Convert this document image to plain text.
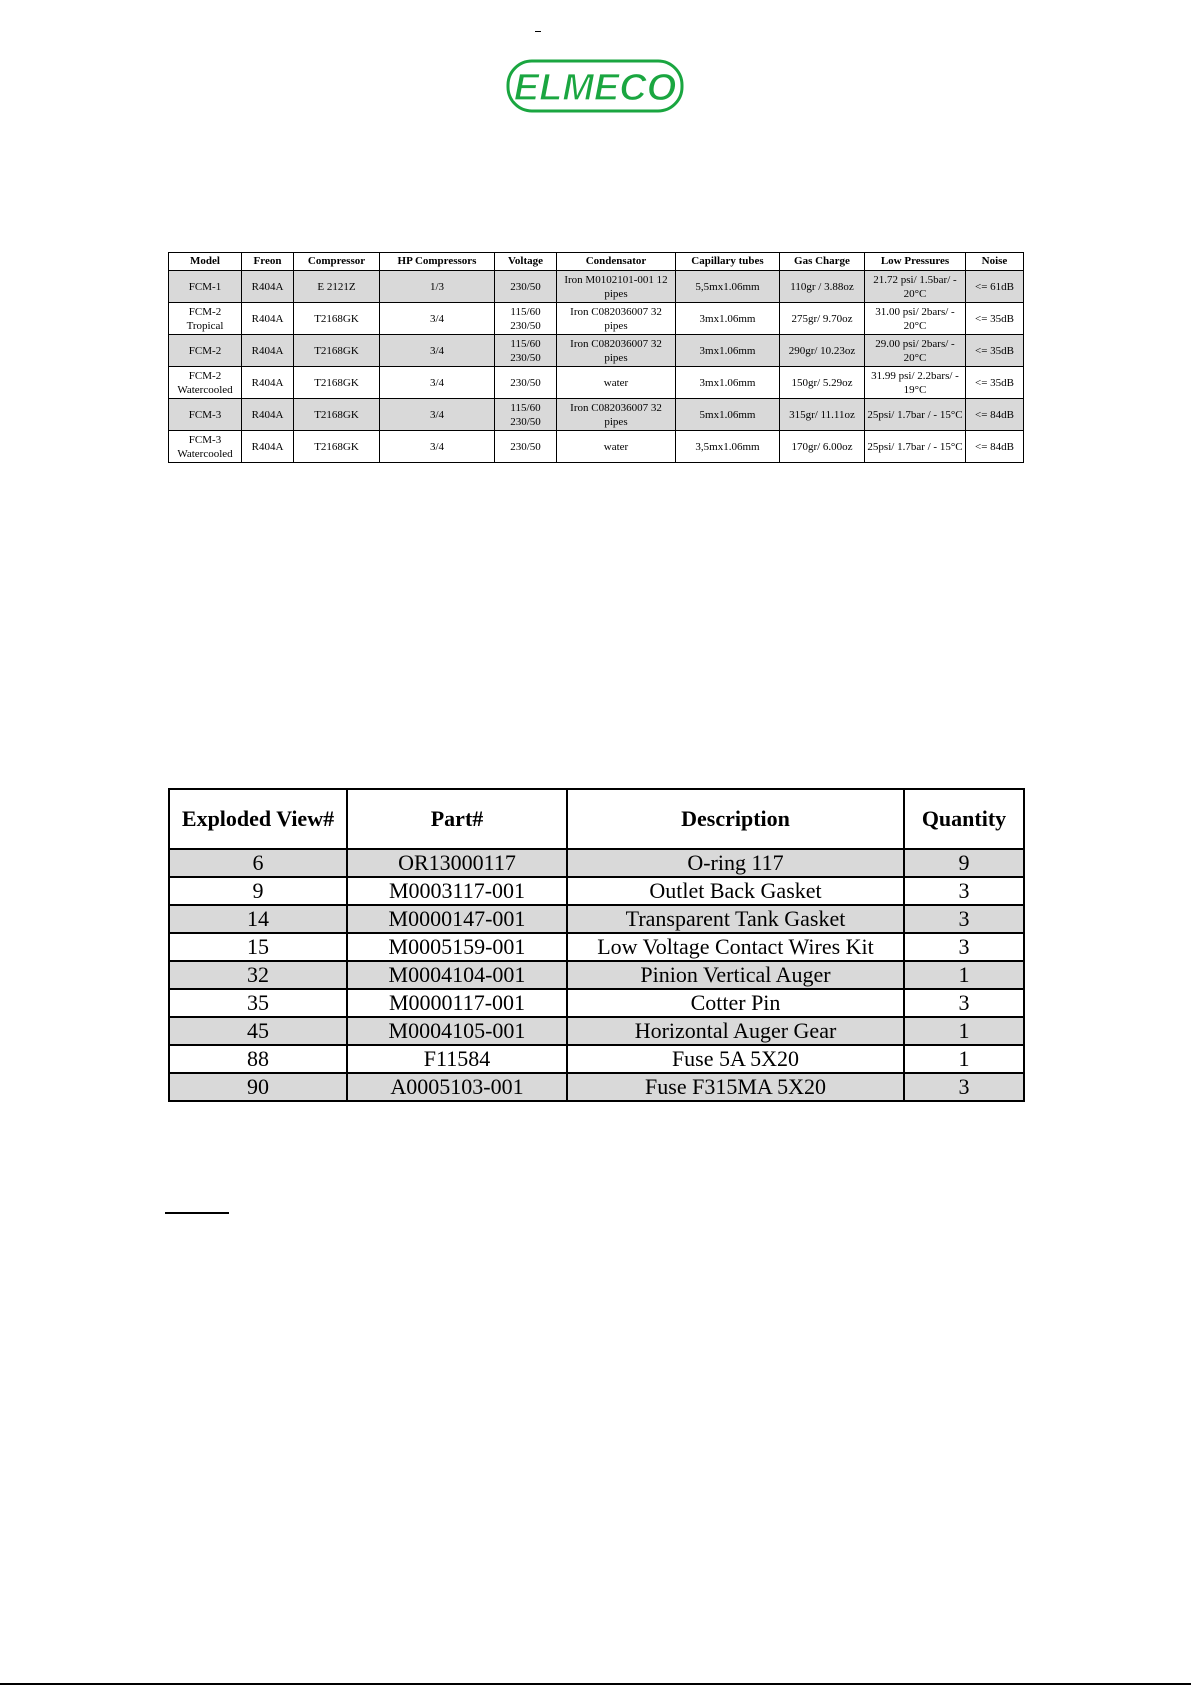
ELMECO
Model	Freon	Compressor	HP Compressors	Voltage	Condensator	Capillary tubes	Gas Charge	Low Pressures	Noise
FCM-1	R404A	E 2121Z	1/3	230/50	Iron M0102101-001 12 pipes	5,5mx1.06mm	110gr / 3.88oz	21.72 psi/ 1.5bar/ - 20°C	<= 61dB
FCM-2 Tropical	R404A	T2168GK	3/4	115/60 230/50	Iron C082036007 32 pipes	3mx1.06mm	275gr/ 9.70oz	31.00 psi/ 2bars/ - 20°C	<= 35dB
FCM-2	R404A	T2168GK	3/4	115/60 230/50	Iron C082036007 32 pipes	3mx1.06mm	290gr/ 10.23oz	29.00 psi/ 2bars/ - 20°C	<= 35dB
FCM-2 Watercooled	R404A	T2168GK	3/4	230/50	water	3mx1.06mm	150gr/ 5.29oz	31.99 psi/ 2.2bars/ - 19°C	<= 35dB
FCM-3	R404A	T2168GK	3/4	115/60 230/50	Iron C082036007 32 pipes	5mx1.06mm	315gr/ 11.11oz	25psi/ 1.7bar / - 15°C	<= 84dB
FCM-3 Watercooled	R404A	T2168GK	3/4	230/50	water	3,5mx1.06mm	170gr/ 6.00oz	25psi/ 1.7bar / - 15°C	<= 84dB
Exploded View#	Part#	Description	Quantity
6	OR13000117	O-ring 117	9
9	M0003117-001	Outlet Back Gasket	3
14	M0000147-001	Transparent Tank Gasket	3
15	M0005159-001	Low Voltage Contact Wires Kit	3
32	M0004104-001	Pinion Vertical Auger	1
35	M0000117-001	Cotter Pin	3
45	M0004105-001	Horizontal Auger Gear	1
88	F11584	Fuse 5A 5X20	1
90	A0005103-001	Fuse F315MA 5X20	3
